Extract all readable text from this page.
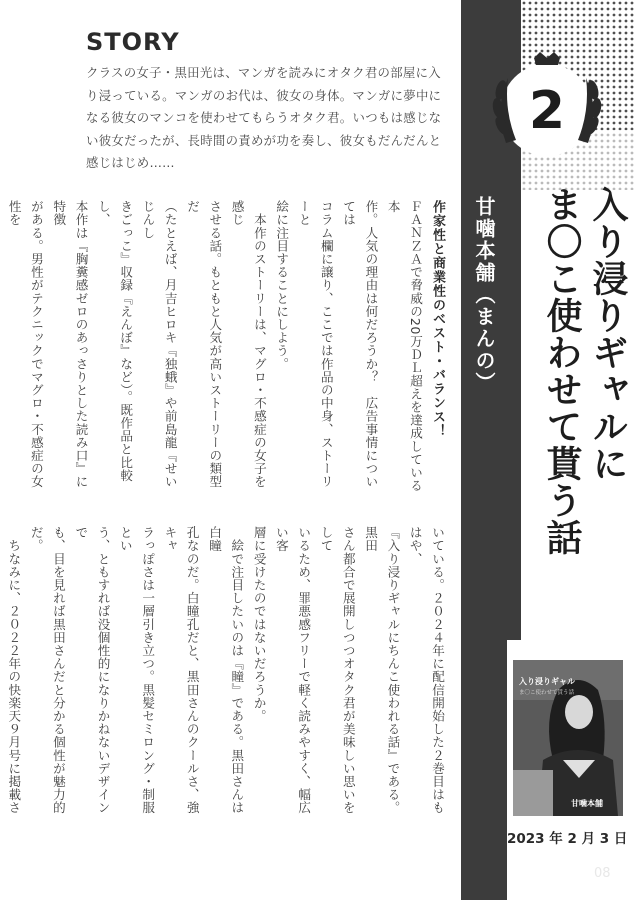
STORY
クラスの女子・黒田光は、マンガを読みにオタク君の部屋に入り浸っている。マンガのお代は、彼女の身体。マンガに夢中になる彼女のマンコを使わせてもらうオタク君。いつもは感じない彼女だったが、長時間の責めが功を奏し、彼女もだんだんと感じはじめ……
2
入り浸りギャルに
ま〇こ使わせて貰う話
甘噛本舗（まんの）
作家性と商業性のベスト・バランス！
ＦＡＮＺＡで脅威の20万ＤＬ超えを達成している本
作。人気の理由は何だろうか？　広告事情については
コラム欄に譲り、ここでは作品の中身、ストーリーと
絵に注目することにしよう。
　本作のストーリーは、マグロ・不感症の女子を感じ
させる話。もともと人気が高いストーリーの類型だ
（たとえば、月吉ヒロキ『独蛾』や前島龍『せいじんし
きごっこ』収録『えんぼ』など）。既作品と比較し、
本作は『胸糞感ゼロのあっさりとした読み口』に特徴
がある。男性がテクニックでマグロ・不感症の女性を
いている。２０２４年に配信開始した２巻目はもはや、
『入り浸りギャルにちんこ使われる話』である。黒田
さん都合で展開しつつオタク君が美味しい思いをして
いるため、罪悪感フリーで軽く読みやすく、幅広い客
層に受けたのではないだろうか。
　絵で注目したいのは『瞳』である。黒田さんは白瞳
孔なのだ。白瞳孔だと、黒田さんのクールさ、強キャ
ラっぽさは一層引き立つ。黒髪セミロング・制服とい
う、ともすれば没個性的になりかねないデザインで
も、目を見れば黒田さんだと分かる個性が魅力的だ。
　ちなみに、２０２２年の快楽天９月号に掲載さ
入り浸りギャル
ま〇こ使わせて貰う話
甘噛本舗
2023 年 2 月 3 日
08
